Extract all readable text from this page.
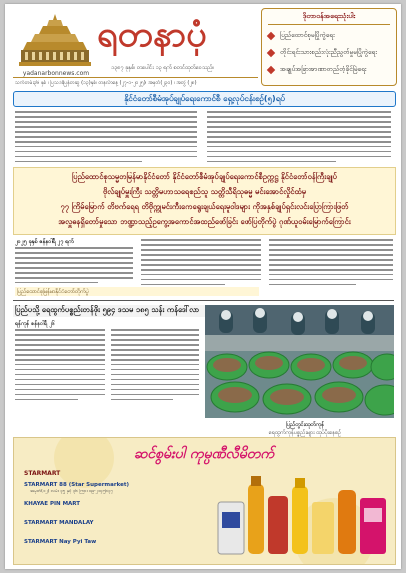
yadanarbonnews.com
ရတနာပုံ
၁၃၈၇ ခုနှစ်၊ တပေါင်း ၁၃ ရက် စတင်ထုတ်ဝေသည်။
သက်တမ်း၃၆ နှစ် ၊ ပြသဒါးပြန်တဆွ (၁၃)နှစ်၊ တနင်္လာနေ့ (၂၇-၁-၂၀၂၅)၊ အမှတ်(၂၃၀) ၊ အတွဲ (၂၈)
ဒိုတာဝန်အရေးသုံးပါး
ပြည်ထောင်စုမပြိုကွဲရေး
တိုင်းရင်းသားစည်းလုံးညီညွတ်မှုမပြိုကွဲရေး
အချုပ်အခြာအာဏာတည်တံ့ခိုင်မြဲရေး
နိုင်ငံတော်စီမံအုပ်ချုပ်ရေးကောင်စီ ရှေ့လုပ်ငန်းစဉ်(၅)ရပ်
ပြည်ထောင်စုသမ္မတမြန်မာနိုင်ငံတော် နိုင်ငံတော်စီမံအုပ်ချုပ်ရေးကောင်စီဥက္ကဋ္ဌ နိုင်ငံတော်ဝန်ကြီးချုပ်
ဗိုလ်ချုပ်မှူးကြီး သတ္တိမဟာသရေစည်သူ သတ္တိသီရိသုဓမ္မ မင်းအောင်လှိုင်ထံမှ
၇၇ ကြိမ်မြောက် တိဗက်ရေရ တိဗိုက္ကုမင်းကီးကေရွေးချယ်ရေးမူဝါဒများ ကိုအနှစ်ချုပ်ရှင်းလင်းပြောကြားဖြတ်
အလှူဓနရှိတော်မှုသော ဘဏ္ဍာသည့်ဥကွေ့အကောင်အထည်ဖော်ခြင်း ဖော်ပြတိုက်ပွဲ ဂုဏ်ယူဝမ်းမြောက်ကြောင်း
၂၀၂၅ ခုနှစ် ဇန်နဝါရီ ၂၇ ရက်
ပြည်ထောင်စုမြန်မာနိုင်ငံတော်တိုက်ပွဲ
ပြည်ပသို့ ရေထွက်ပစ္စည်းတန်ဖိုး ၅၉၄ ဒသမ ၁၈၅ သန်း ကန်ဒေါ်လာ
ရန်ကုန် ဇန်နဝါရီ ၂၆
ပြည်တွင်းထုတ်ကုန်
ရေထွက်ကုန်ပစ္စည်းများ ထုပ်ပိုးနေစဉ်
ဆင်စွမ်းပါ ကုမ္ပဏီလီမိတက်
STARMART
STARMART 88 (Star Supermarket)
အမှတ်(၁၂) လမ်း ၃၅ နှင့် ၃၆ ကြား ၀၉-၂၁၄၅၆၃၇
KHAYAE PIN MART
STARMART MANDALAY
STARMART Nay Pyi Taw
